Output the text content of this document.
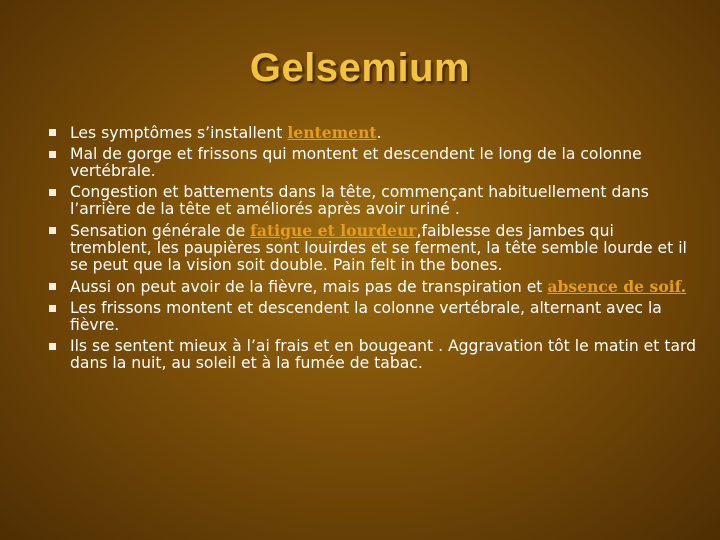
Gelsemium
Les symptômes s’installent lentement.
Mal de gorge et frissons qui montent et descendent le long de la colonne vertébrale.
Congestion et battements dans la tête, commençant habituellement dans l’arrière de la tête et améliorés après avoir uriné .
Sensation générale de fatigue et lourdeur,faiblesse des jambes qui tremblent, les paupières sont louirdes et se ferment, la tête semble lourde et il se peut que la vision soit double. Pain felt in the bones.
Aussi on peut avoir de la fièvre, mais pas de transpiration et absence de soif.
Les frissons montent et descendent la colonne vertébrale, alternant avec la fièvre.
Ils se sentent mieux à l’ai frais et en bougeant . Aggravation tôt le matin et tard dans la nuit, au soleil et à la fumée de tabac.
